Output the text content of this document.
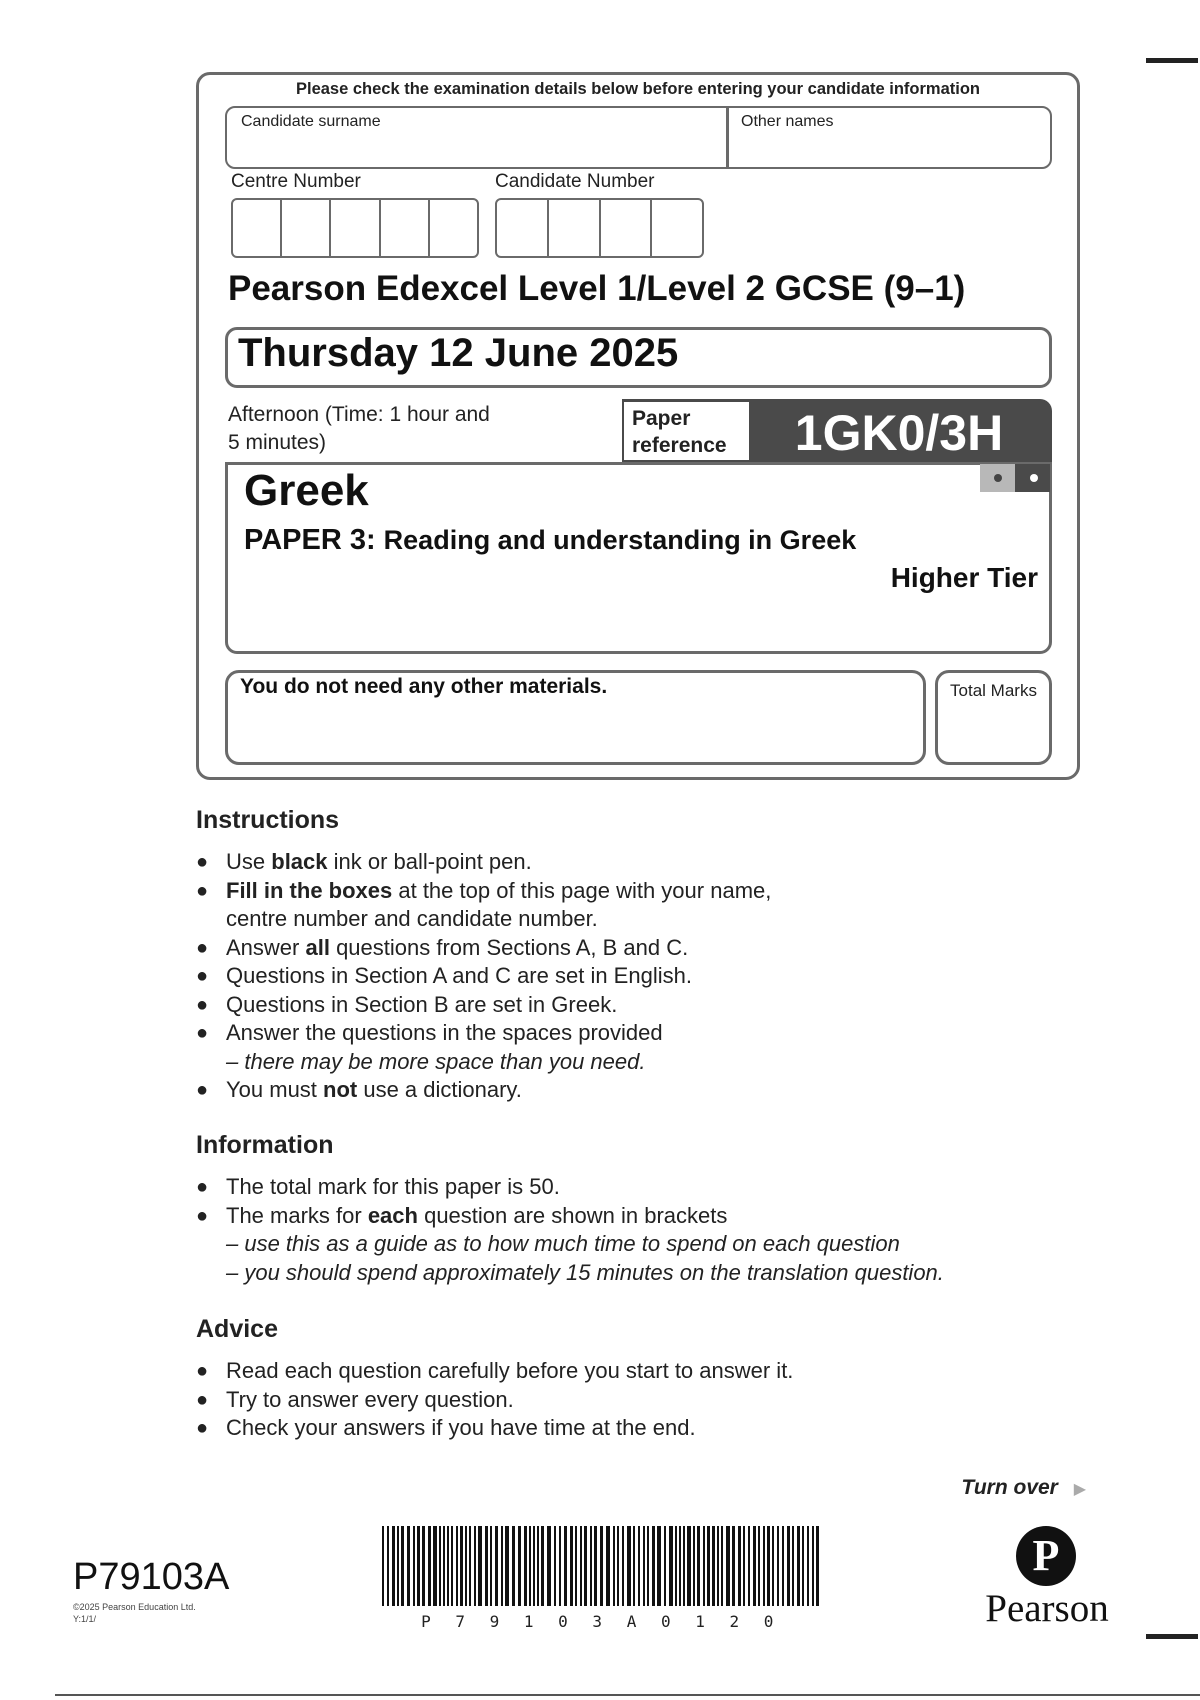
Please check the examination details below before entering your candidate information
Candidate surname	Other names
Centre Number	Candidate Number
Pearson Edexcel Level 1/Level 2 GCSE (9–1)
Thursday 12 June 2025
Afternoon (Time: 1 hour and
5 minutes)
Paper
reference	1GK0/3H
Greek
PAPER 3: Reading and understanding in Greek
Higher Tier
You do not need any other materials.	Total Marks
Instructions
● Use black ink or ball-point pen.
● Fill in the boxes at the top of this page with your name,
centre number and candidate number.
● Answer all questions from Sections A, B and C.
● Questions in Section A and C are set in English.
● Questions in Section B are set in Greek.
● Answer the questions in the spaces provided
– there may be more space than you need.
● You must not use a dictionary.
Information
● The total mark for this paper is 50.
● The marks for each question are shown in brackets
– use this as a guide as to how much time to spend on each question
– you should spend approximately 15 minutes on the translation question.
Advice
● Read each question carefully before you start to answer it.
● Try to answer every question.
● Check your answers if you have time at the end.
Turn over ▶
P79103A
©2025 Pearson Education Ltd.
Y:1/1/	P 7 9 1 0 3 A 0 1 2 0
P
Pearson
